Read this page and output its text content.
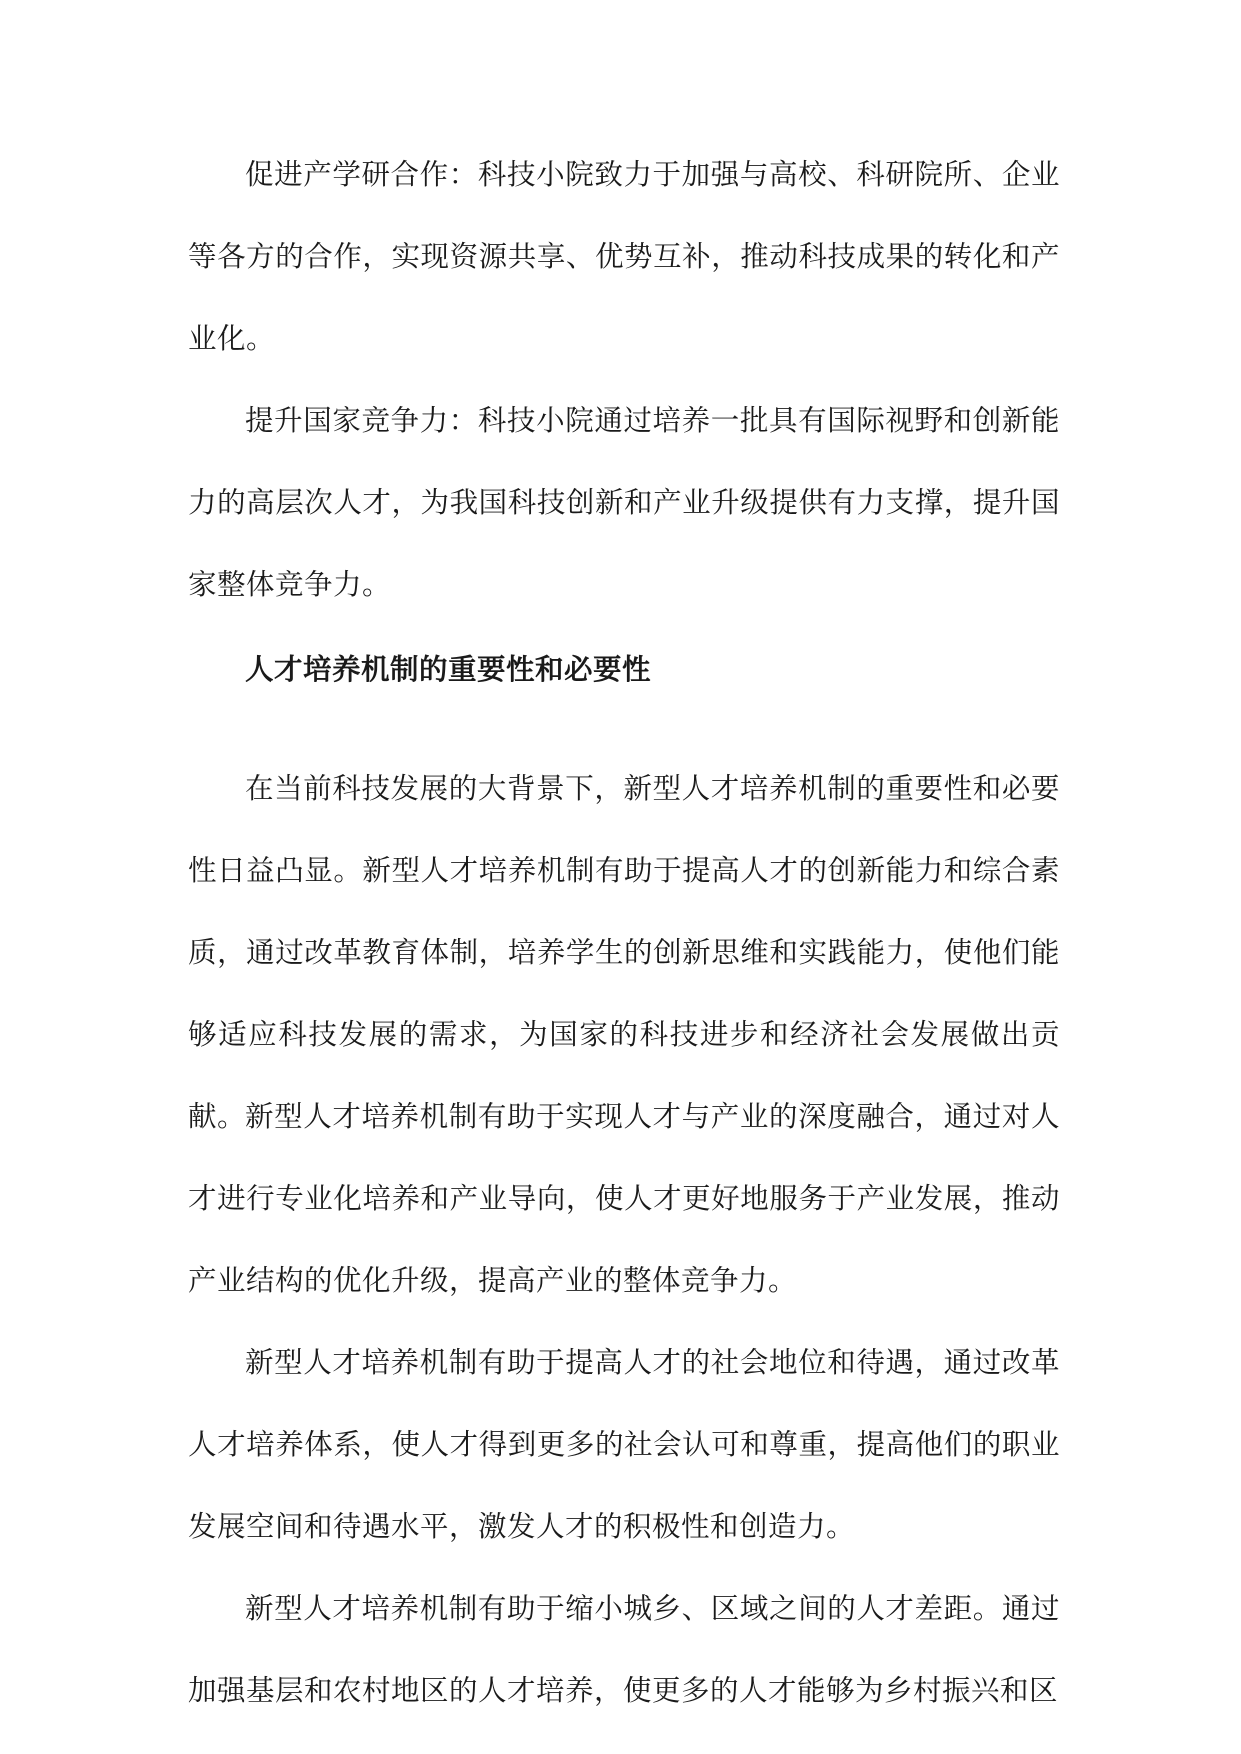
促进产学研合作：科技小院致力于加强与高校、科研院所、企业等各方的合作，实现资源共享、优势互补，推动科技成果的转化和产业化。

提升国家竞争力：科技小院通过培养一批具有国际视野和创新能力的高层次人才，为我国科技创新和产业升级提供有力支撑，提升国家整体竞争力。

人才培养机制的重要性和必要性

在当前科技发展的大背景下，新型人才培养机制的重要性和必要性日益凸显。新型人才培养机制有助于提高人才的创新能力和综合素质，通过改革教育体制，培养学生的创新思维和实践能力，使他们能够适应科技发展的需求，为国家的科技进步和经济社会发展做出贡献。

新型人才培养机制有助于实现人才与产业的深度融合，通过对人才进行专业化培养和产业导向，使人才更好地服务于产业发展，推动产业结构的优化升级，提高产业的整体竞争力。

新型人才培养机制有助于提高人才的社会地位和待遇，通过改革人才培养体系，使人才得到更多的社会认可和尊重，提高他们的职业发展空间和待遇水平，激发人才的积极性和创造力。

新型人才培养机制有助于缩小城乡、区域之间的人才差距。通过加强基层和农村地区的人才培养，使更多的人才能够为乡村振兴和区
